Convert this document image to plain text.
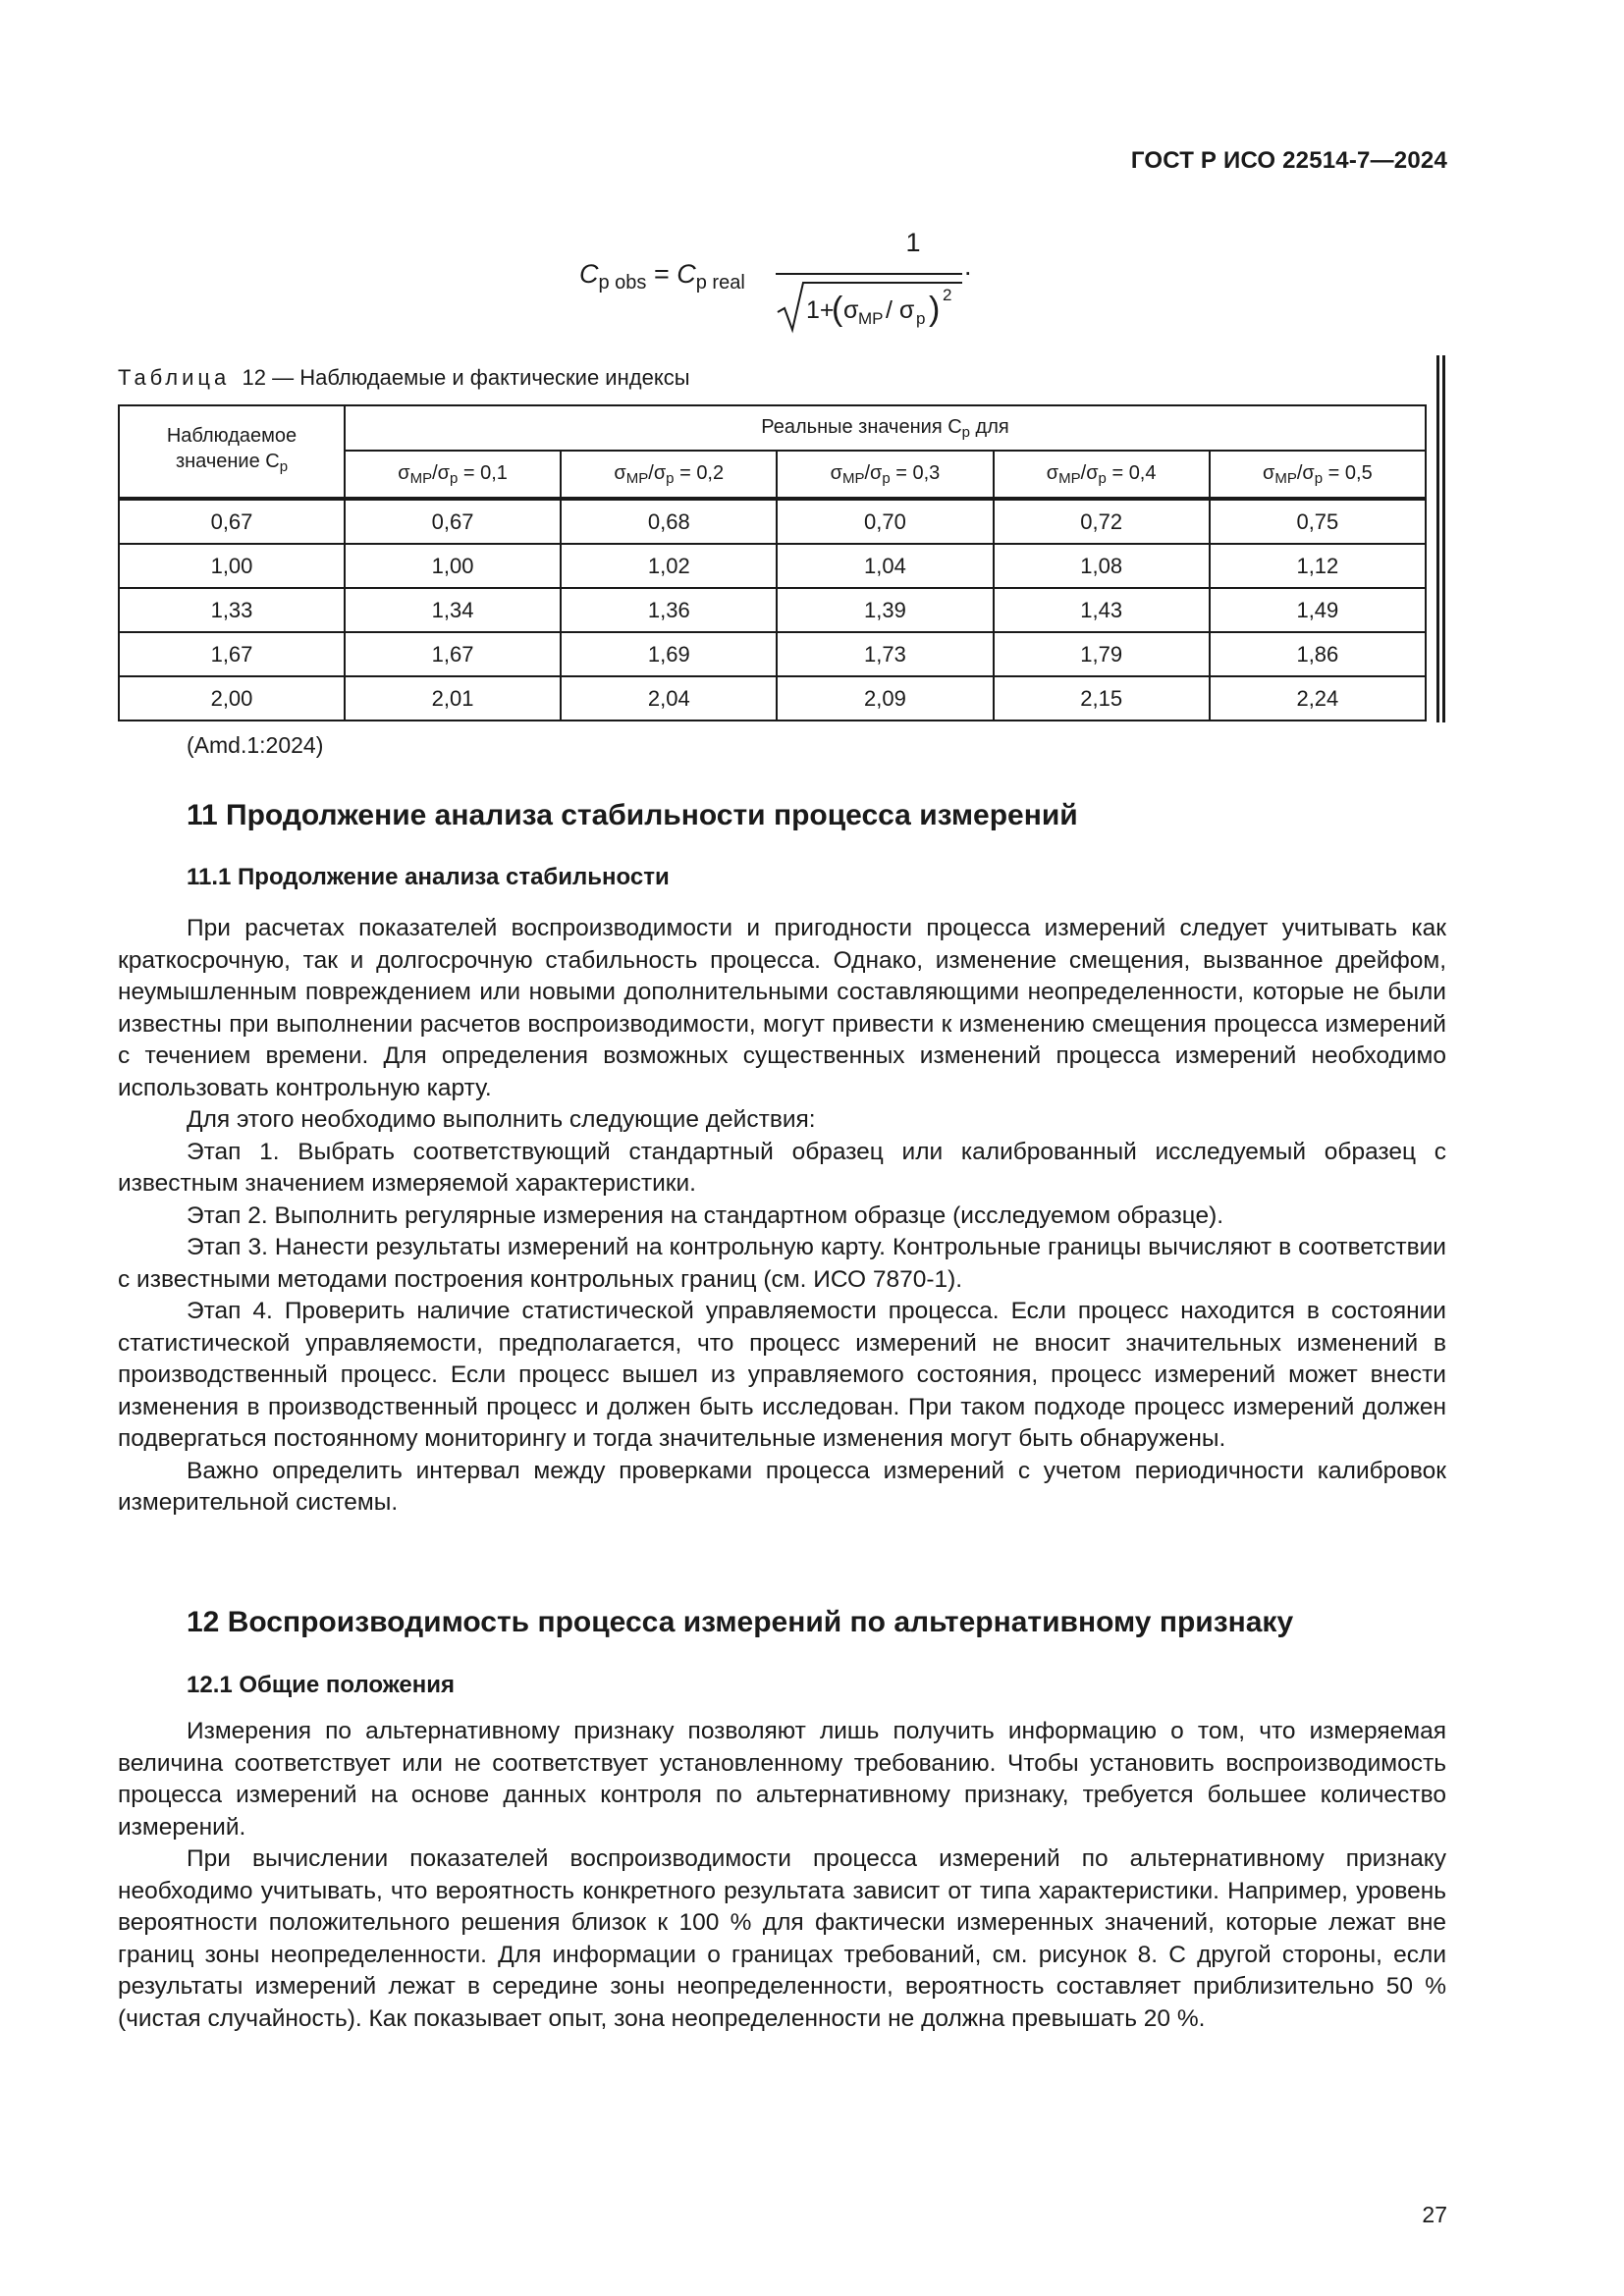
ГОСТ Р ИСО 22514-7—2024
$C_{p obs} = C_{p real}$
1
1+(σMP / σp)2
1+
( σ MP / σ p ) 2
.
Таблица 12 — Наблюдаемые и фактические индексы
Наблюдаемое
значение $C_p$	Реальные значения $C_p$ для				
	$\sigma_{MP}/\sigma_p = 0,1$	$\sigma_{MP}/\sigma_p = 0,2$	$\sigma_{MP}/\sigma_p = 0,3$	$\sigma_{MP}/\sigma_p = 0,4$	$\sigma_{MP}/\sigma_p = 0,5$
0,67	0,67	0,68	0,70	0,72	0,75
1,00	1,00	1,02	1,04	1,08	1,12
1,33	1,34	1,36	1,39	1,43	1,49
1,67	1,67	1,69	1,73	1,79	1,86
2,00	2,01	2,04	2,09	2,15	2,24
(Amd.1:2024)
11 Продолжение анализа стабильности процесса измерений
11.1 Продолжение анализа стабильности

При расчетах показателей воспроизводимости и пригодности процесса измерений следует учитывать как краткосрочную, так и долгосрочную стабильность процесса. Однако, изменение смещения, вызванное дрейфом, неумышленным повреждением или новыми дополнительными составляющими неопределенности, которые не были известны при выполнении расчетов воспроизводимости, могут привести к изменению смещения процесса измерений с течением времени. Для определения возможных существенных изменений процесса измерений необходимо использовать контрольную карту.

Для этого необходимо выполнить следующие действия:

Этап 1. Выбрать соответствующий стандартный образец или калиброванный исследуемый образец с известным значением измеряемой характеристики.

Этап 2. Выполнить регулярные измерения на стандартном образце (исследуемом образце).

Этап 3. Нанести результаты измерений на контрольную карту. Контрольные границы вычисляют в соответствии с известными методами построения контрольных границ (см. ИСО 7870-1).

Этап 4. Проверить наличие статистической управляемости процесса. Если процесс находится в состоянии статистической управляемости, предполагается, что процесс измерений не вносит значительных изменений в производственный процесс. Если процесс вышел из управляемого состояния, процесс измерений может внести изменения в производственный процесс и должен быть исследован. При таком подходе процесс измерений должен подвергаться постоянному мониторингу и тогда значительные изменения могут быть обнаружены.

Важно определить интервал между проверками процесса измерений с учетом периодичности калибровок измерительной системы.

12 Воспроизводимость процесса измерений по альтернативному признаку
12.1 Общие положения

Измерения по альтернативному признаку позволяют лишь получить информацию о том, что измеряемая величина соответствует или не соответствует установленному требованию. Чтобы установить воспроизводимость процесса измерений на основе данных контроля по альтернативному признаку, требуется большее количество измерений.

При вычислении показателей воспроизводимости процесса измерений по альтернативному признаку необходимо учитывать, что вероятность конкретного результата зависит от типа характеристики. Например, уровень вероятности положительного решения близок к 100 % для фактически измеренных значений, которые лежат вне границ зоны неопределенности. Для информации о границах требований, см. рисунок 8. С другой стороны, если результаты измерений лежат в середине зоны неопределенности, вероятность составляет приблизительно 50 % (чистая случайность). Как показывает опыт, зона неопределенности не должна превышать 20 %.

27
